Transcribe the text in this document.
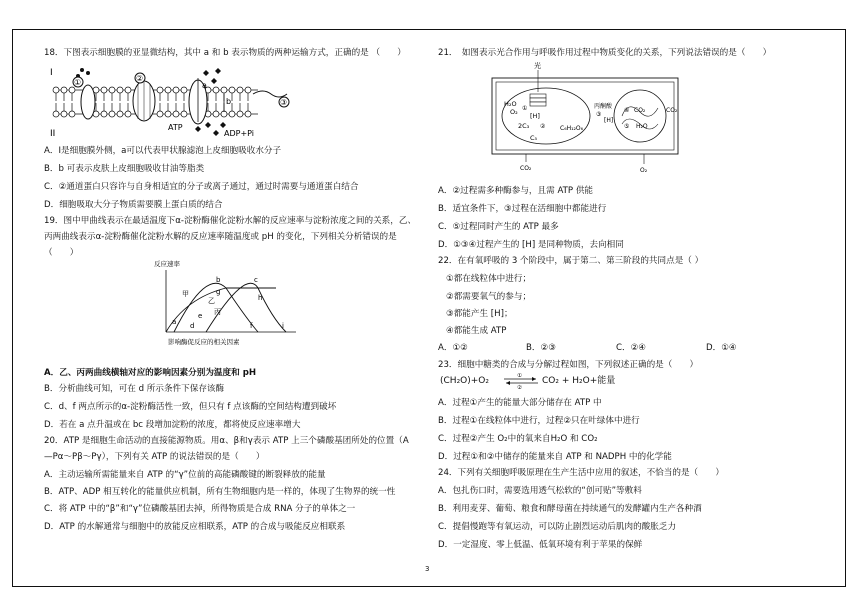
18．下图表示细胞膜的亚显微结构，其中 a 和 b 表示物质的两种运输方式，正确的是 （　　）
I
II
②
①	a
b
ATP
ADP+Pi
③
A．Ⅰ是细胞膜外侧，a可以代表甲状腺滤泡上皮细胞吸收水分子
B．b 可表示皮肤上皮细胞吸收甘油等脂类
C．②通道蛋白只容许与自身相适宜的分子或离子通过，通过时需要与通道蛋白结合
D．细胞吸取大分子物质需要膜上蛋白质的结合
19．图中甲曲线表示在最适温度下α-淀粉酶催化淀粉水解的反应速率与淀粉浓度之间的关系，乙、
丙两曲线表示α-淀粉酶催化淀粉水解的反应速率随温度或 pH 的变化，下列相关分析错误的是
（　　）
反应速率
甲
乙
丙
a
b	c
d
e
f
g
h
i
影响酶促反应的相关因素
A．乙、丙两曲线横轴对应的影响因素分别为温度和 pH
B．分析曲线可知，可在 d 所示条件下保存该酶
C．d、f 两点所示的α-淀粉酶活性一致，但只有 f 点该酶的空间结构遭到破坏
D．若在 a 点升温或在 bc 段增加淀粉的浓度，都将使反应速率增大
20．ATP 是细胞生命活动的直接能源物质。用α、β和γ表示 ATP 上三个磷酸基团所处的位置（A
—Pα～Pβ～Pγ），下列有关 ATP 的说法错误的是（　　）
A．主动运输所需能量来自 ATP 的“γ”位前的高能磷酸键的断裂释放的能量
B．ATP、ADP 相互转化的能量供应机制，所有生物细胞内是一样的，体现了生物界的统一性
C．将 ATP 中的“β”和“γ”位磷酸基团去掉，所得物质是合成 RNA 分子的单体之一
D．ATP 的水解通常与细胞中的放能反应相联系，ATP 的合成与吸能反应相联系
21．　如图表示光合作用与呼吸作用过程中物质变化的关系，下列说法错误的是（　　）
光
H₂O
O₂ ①
[H]
2C₃ ②
C₅
C₆H₁₂O₆
③
丙酮酸
[H]
④ CO₂
⑤ H₂O
CO₂
CO₂	O₂
A．②过程需多种酶参与，且需 ATP 供能
B．适宜条件下，③过程在活细胞中都能进行
C．⑤过程同时产生的 ATP 最多
D．①③④过程产生的 [H] 是同种物质，去向相同
22．在有氧呼吸的 3 个阶段中，属于第二、第三阶段的共同点是（ ）
①都在线粒体中进行；
②都需要氧气的参与；
③都能产生 [H]；
④都能生成 ATP
A．①②	B．②③	C．②④	D．①④
23．细胞中糖类的合成与分解过程如图，下列叙述正确的是（　　）
(CH₂O)+O₂	①
②
CO₂ + H₂O+能量
A．过程①产生的能量大部分储存在 ATP 中
B．过程①在线粒体中进行，过程②只在叶绿体中进行
C．过程②产生 O₂中的氧来自H₂O 和 CO₂
D．过程①和②中储存的能量来自 ATP 和 NADPH 中的化学能
24．下列有关细胞呼吸原理在生产生活中应用的叙述，不恰当的是（　　）
A．包扎伤口时，需要选用透气松软的“创可贴”等敷料
B．利用麦芽、葡萄、粮食和酵母菌在持续通气的发酵罐内生产各种酒
C．提倡慢跑等有氧运动，可以防止剧烈运动后肌肉的酸胀乏力
D．一定湿度、零上低温、低氧环境有利于苹果的保鲜
3
